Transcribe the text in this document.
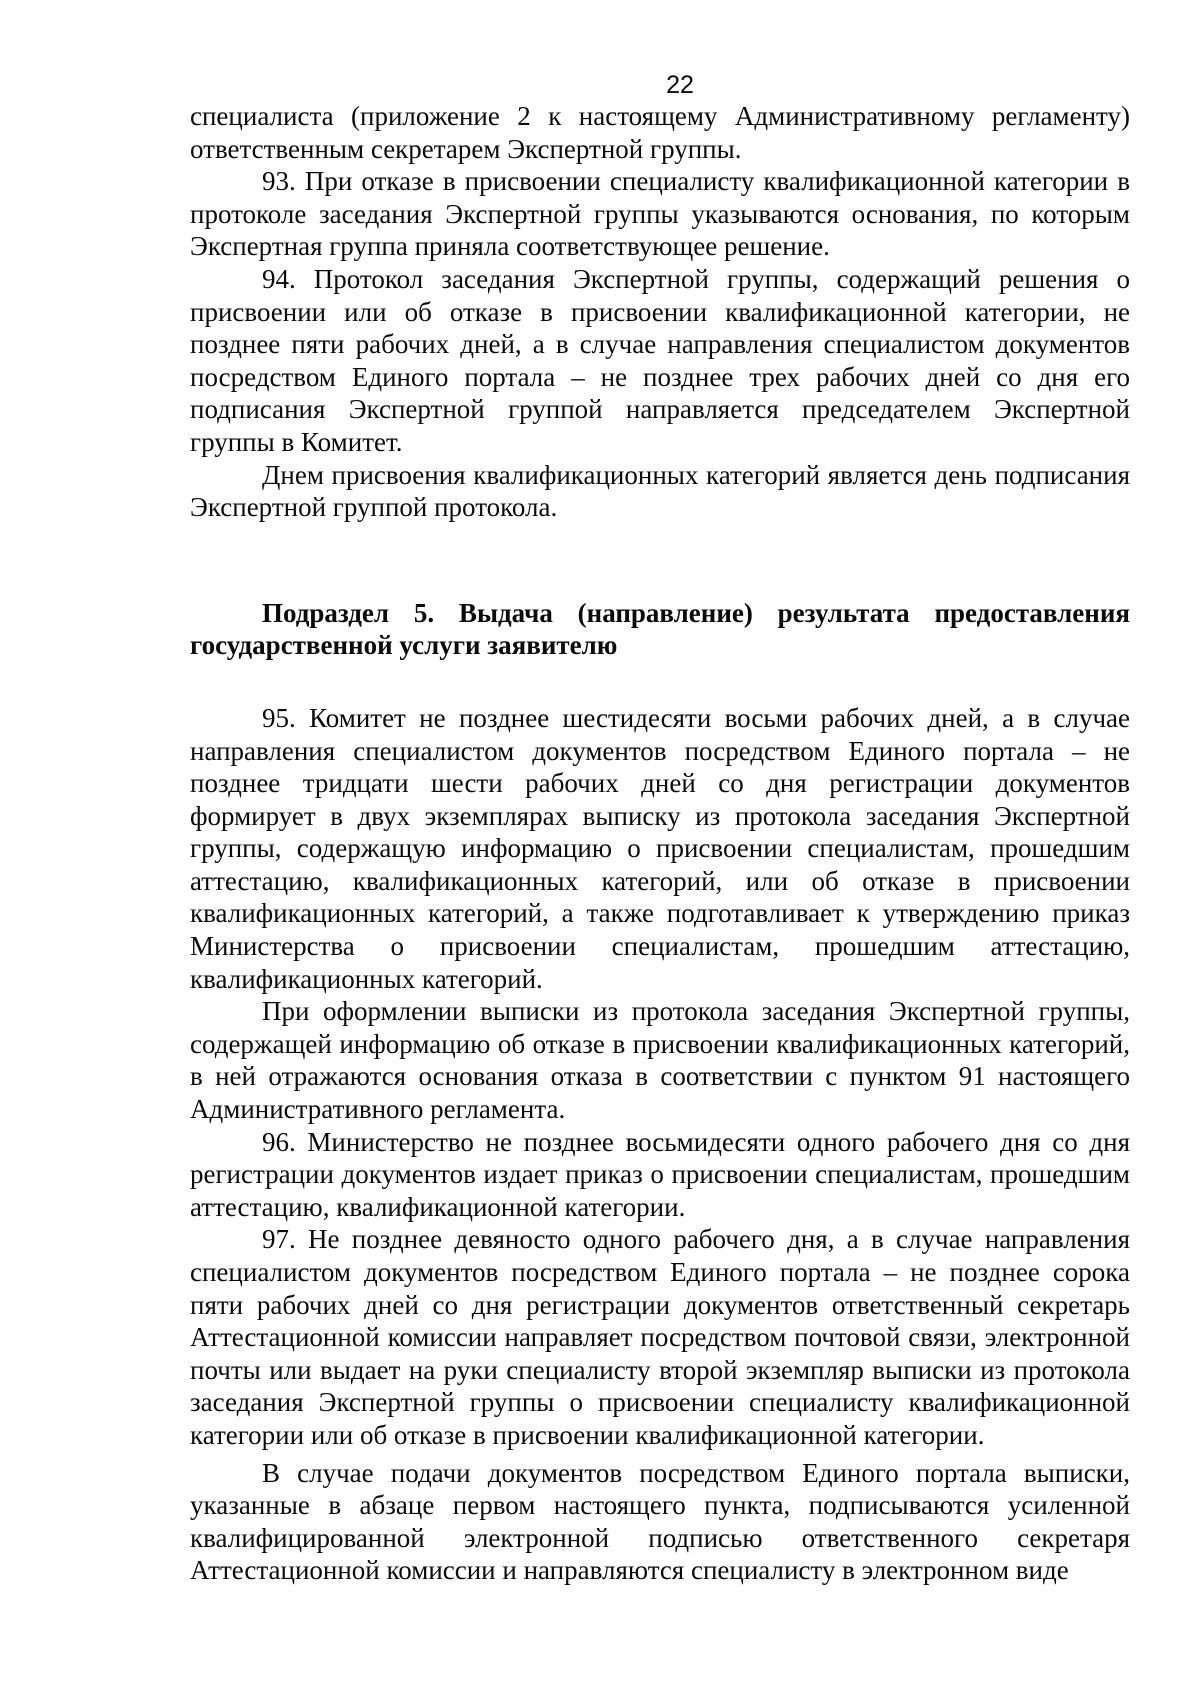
22

специалиста (приложение 2 к настоящему Административному регламенту) ответственным секретарем Экспертной группы.

93. При отказе в присвоении специалисту квалификационной категории в протоколе заседания Экспертной группы указываются основания, по которым Экспертная группа приняла соответствующее решение.

94. Протокол заседания Экспертной группы, содержащий решения о присвоении или об отказе в присвоении квалификационной категории, не позднее пяти рабочих дней, а в случае направления специалистом документов посредством Единого портала – не позднее трех рабочих дней со дня его подписания Экспертной группой направляется председателем Экспертной группы в Комитет.

Днем присвоения квалификационных категорий является день подписания Экспертной группой протокола.

Подраздел 5. Выдача (направление) результата предоставления государственной услуги заявителю

95. Комитет не позднее шестидесяти восьми рабочих дней, а в случае направления специалистом документов посредством Единого портала – не позднее тридцати шести рабочих дней со дня регистрации документов формирует в двух экземплярах выписку из протокола заседания Экспертной группы, содержащую информацию о присвоении специалистам, прошедшим аттестацию, квалификационных категорий, или об отказе в присвоении квалификационных категорий, а также подготавливает к утверждению приказ Министерства о присвоении специалистам, прошедшим аттестацию, квалификационных категорий.

При оформлении выписки из протокола заседания Экспертной группы, содержащей информацию об отказе в присвоении квалификационных категорий, в ней отражаются основания отказа в соответствии с пунктом 91 настоящего Административного регламента.

96. Министерство не позднее восьмидесяти одного рабочего дня со дня регистрации документов издает приказ о присвоении специалистам, прошедшим аттестацию, квалификационной категории.

97. Не позднее девяносто одного рабочего дня, а в случае направления специалистом документов посредством Единого портала – не позднее сорока пяти рабочих дней со дня регистрации документов ответственный секретарь Аттестационной комиссии направляет посредством почтовой связи, электронной почты или выдает на руки специалисту второй экземпляр выписки из протокола заседания Экспертной группы о присвоении специалисту квалификационной категории или об отказе в присвоении квалификационной категории.

В случае подачи документов посредством Единого портала выписки, указанные в абзаце первом настоящего пункта, подписываются усиленной квалифицированной электронной подписью ответственного секретаря Аттестационной комиссии и направляются специалисту в электронном виде
